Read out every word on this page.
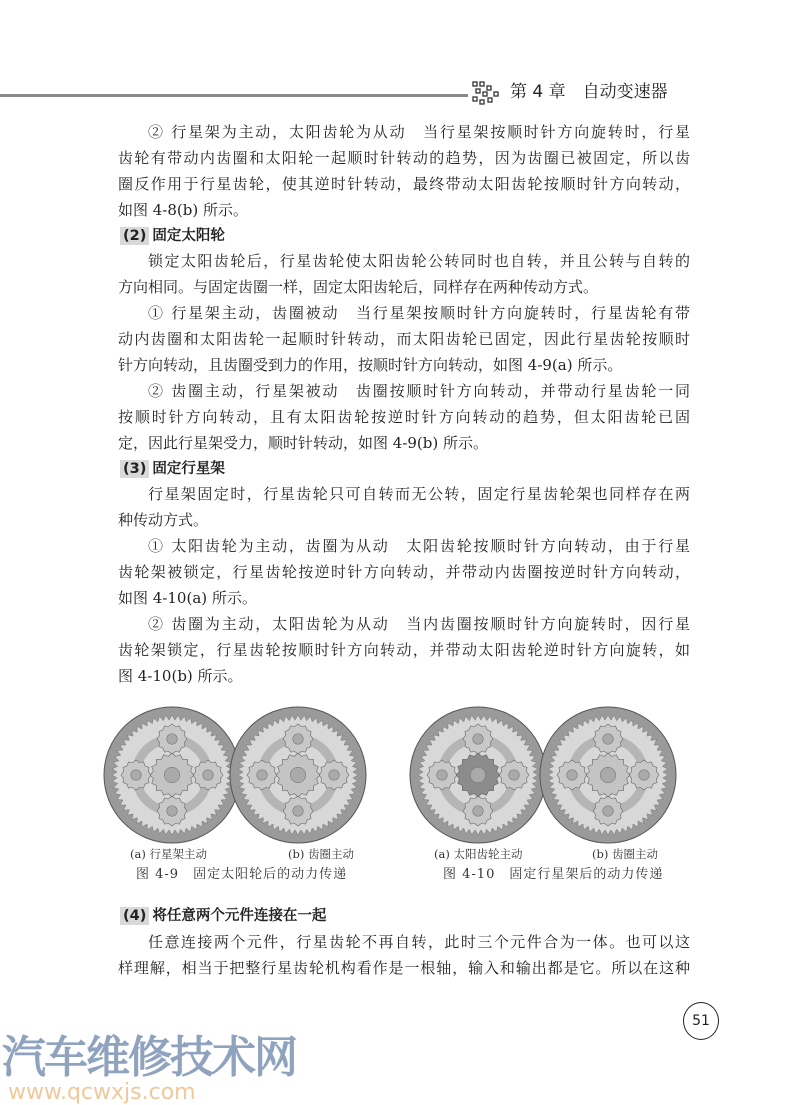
第 4 章　 自动变速器
② 行星架为主动，太阳齿轮为从动　当行星架按顺时针方向旋转时，行星
齿轮有带动内齿圈和太阳轮一起顺时针转动的趋势，因为齿圈已被固定，所以齿
圈反作用于行星齿轮，使其逆时针转动，最终带动太阳齿轮按顺时针方向转动，
如图 4-8(b) 所示。
(2) 固定太阳轮
锁定太阳齿轮后，行星齿轮使太阳齿轮公转同时也自转，并且公转与自转的
方向相同。与固定齿圈一样，固定太阳齿轮后，同样存在两种传动方式。
① 行星架主动，齿圈被动　当行星架按顺时针方向旋转时，行星齿轮有带
动内齿圈和太阳齿轮一起顺时针转动，而太阳齿轮已固定，因此行星齿轮按顺时
针方向转动，且齿圈受到力的作用，按顺时针方向转动，如图 4-9(a) 所示。
② 齿圈主动，行星架被动　齿圈按顺时针方向转动，并带动行星齿轮一同
按顺时针方向转动，且有太阳齿轮按逆时针方向转动的趋势，但太阳齿轮已固
定，因此行星架受力，顺时针转动，如图 4-9(b) 所示。
(3) 固定行星架
行星架固定时，行星齿轮只可自转而无公转，固定行星齿轮架也同样存在两
种传动方式。
① 太阳齿轮为主动，齿圈为从动　太阳齿轮按顺时针方向转动，由于行星
齿轮架被锁定，行星齿轮按逆时针方向转动，并带动内齿圈按逆时针方向转动，
如图 4-10(a) 所示。
② 齿圈为主动，太阳齿轮为从动　当内齿圈按顺时针方向旋转时，因行星
齿轮架锁定，行星齿轮按顺时针方向转动，并带动太阳齿轮逆时针方向旋转，如
图 4-10(b) 所示。
(a) 行星架主动	(b) 齿圈主动
图 4-9　固定太阳轮后的动力传递
(a) 太阳齿轮主动	(b) 齿圈主动
图 4-10　固定行星架后的动力传递
(4) 将任意两个元件连接在一起
任意连接两个元件，行星齿轮不再自转，此时三个元件合为一体。也可以这
样理解，相当于把整行星齿轮机构看作是一根轴，输入和输出都是它。所以在这种
51
汽车维修技术网
www.qcwxjs.com
